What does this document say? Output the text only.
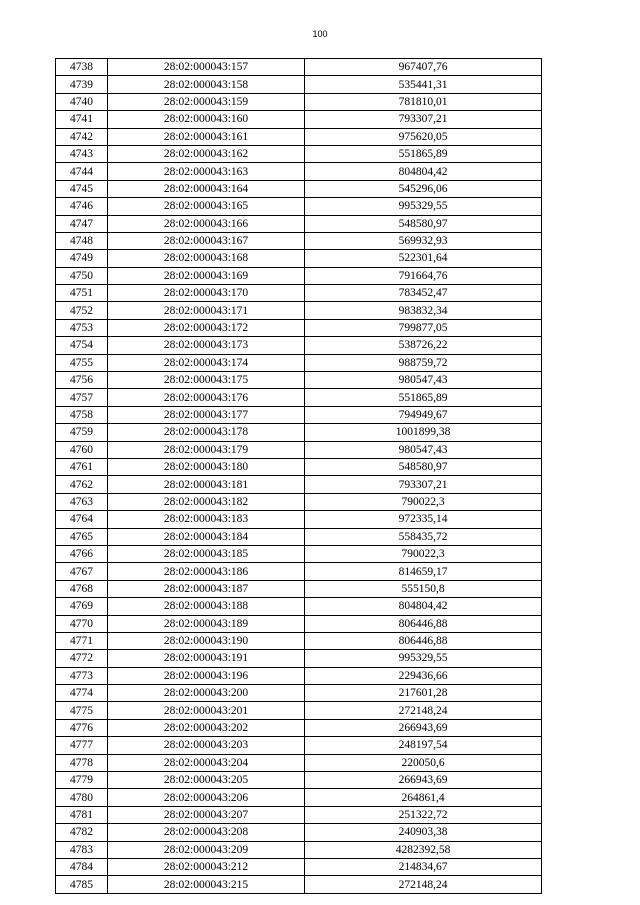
100
4738	28:02:000043:157	967407,76
4739	28:02:000043:158	535441,31
4740	28:02:000043:159	781810,01
4741	28:02:000043:160	793307,21
4742	28:02:000043:161	975620,05
4743	28:02:000043:162	551865,89
4744	28:02:000043:163	804804,42
4745	28:02:000043:164	545296,06
4746	28:02:000043:165	995329,55
4747	28:02:000043:166	548580,97
4748	28:02:000043:167	569932,93
4749	28:02:000043:168	522301,64
4750	28:02:000043:169	791664,76
4751	28:02:000043:170	783452,47
4752	28:02:000043:171	983832,34
4753	28:02:000043:172	799877,05
4754	28:02:000043:173	538726,22
4755	28:02:000043:174	988759,72
4756	28:02:000043:175	980547,43
4757	28:02:000043:176	551865,89
4758	28:02:000043:177	794949,67
4759	28:02:000043:178	1001899,38
4760	28:02:000043:179	980547,43
4761	28:02:000043:180	548580,97
4762	28:02:000043:181	793307,21
4763	28:02:000043:182	790022,3
4764	28:02:000043:183	972335,14
4765	28:02:000043:184	558435,72
4766	28:02:000043:185	790022,3
4767	28:02:000043:186	814659,17
4768	28:02:000043:187	555150,8
4769	28:02:000043:188	804804,42
4770	28:02:000043:189	806446,88
4771	28:02:000043:190	806446,88
4772	28:02:000043:191	995329,55
4773	28:02:000043:196	229436,66
4774	28:02:000043:200	217601,28
4775	28:02:000043:201	272148,24
4776	28:02:000043:202	266943,69
4777	28:02:000043:203	248197,54
4778	28:02:000043:204	220050,6
4779	28:02:000043:205	266943,69
4780	28:02:000043:206	264861,4
4781	28:02:000043:207	251322,72
4782	28:02:000043:208	240903,38
4783	28:02:000043:209	4282392,58
4784	28:02:000043:212	214834,67
4785	28:02:000043:215	272148,24
